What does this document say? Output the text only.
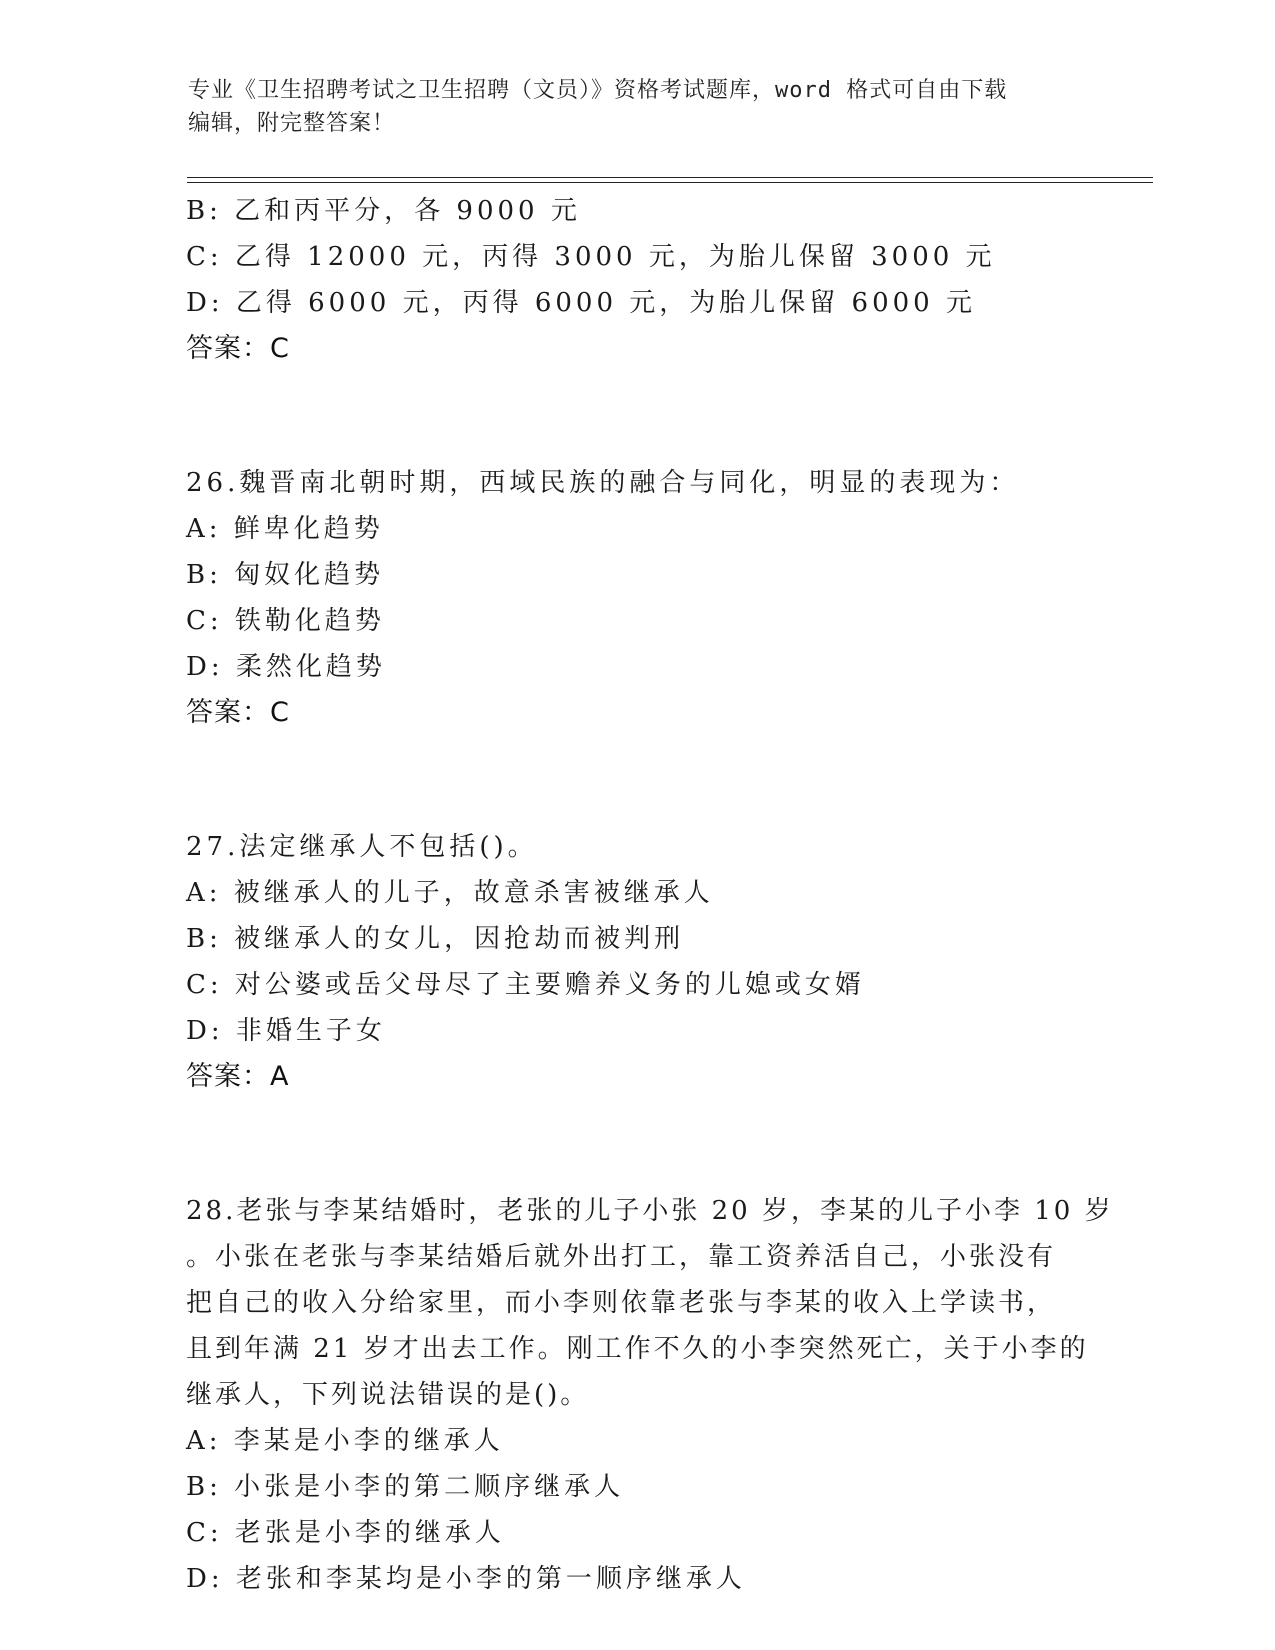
专业《卫生招聘考试之卫生招聘（文员）》资格考试题库，word 格式可自由下载
编辑，附完整答案！
B: 乙和丙平分，各 9000 元
C: 乙得 12000 元，丙得 3000 元，为胎儿保留 3000 元
D: 乙得 6000 元，丙得 6000 元，为胎儿保留 6000 元
答案：C
26.魏晋南北朝时期，西域民族的融合与同化，明显的表现为：
A: 鲜卑化趋势
B: 匈奴化趋势
C: 铁勒化趋势
D: 柔然化趋势
答案：C
27.法定继承人不包括()。
A: 被继承人的儿子，故意杀害被继承人
B: 被继承人的女儿，因抢劫而被判刑
C: 对公婆或岳父母尽了主要赡养义务的儿媳或女婿
D: 非婚生子女
答案：A
28.老张与李某结婚时，老张的儿子小张 20 岁，李某的儿子小李 10 岁
。小张在老张与李某结婚后就外出打工，靠工资养活自己，小张没有
把自己的收入分给家里，而小李则依靠老张与李某的收入上学读书，
且到年满 21 岁才出去工作。刚工作不久的小李突然死亡，关于小李的
继承人，下列说法错误的是()。
A: 李某是小李的继承人
B: 小张是小李的第二顺序继承人
C: 老张是小李的继承人
D: 老张和李某均是小李的第一顺序继承人
